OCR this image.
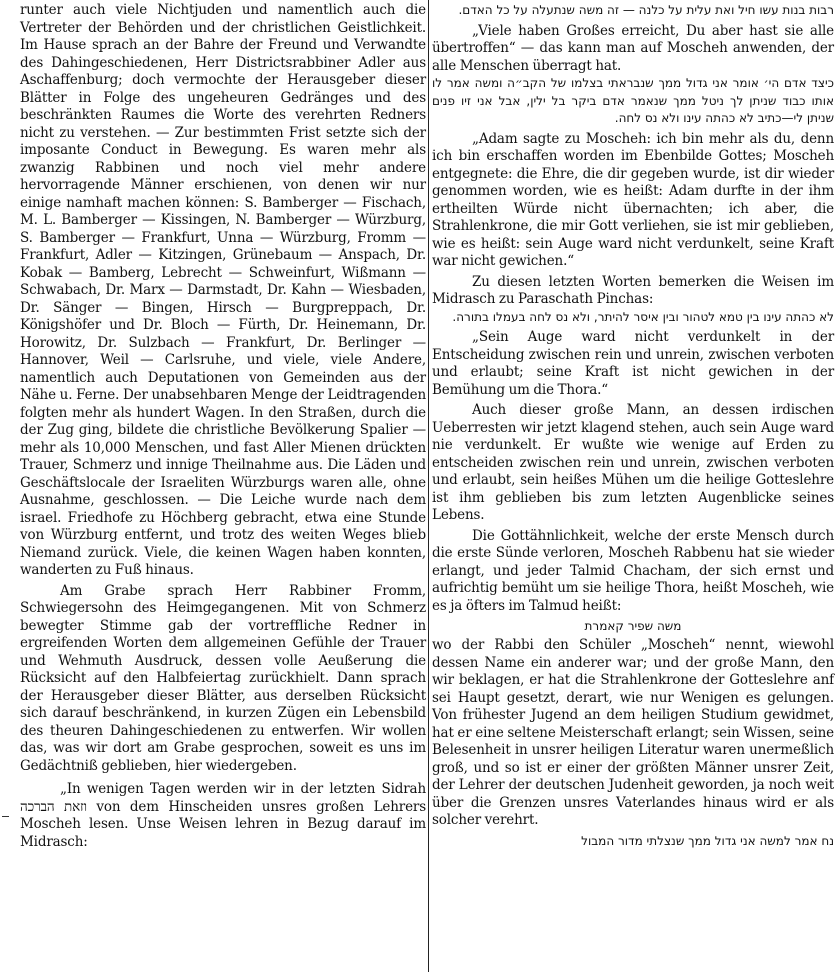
runter auch viele Nichtjuden und namentlich auch die Vertreter der Behörden und der christlichen Geistlichkeit. Im Hause sprach an der Bahre der Freund und Verwandte des Dahingeschiedenen, Herr Districtsrabbiner Adler aus Aschaffenburg; doch vermochte der Herausgeber dieser Blätter in Folge des ungeheuren Gedränges und des beschränkten Raumes die Worte des verehrten Redners nicht zu verstehen. — Zur bestimmten Frist setzte sich der imposante Conduct in Bewegung. Es waren mehr als zwanzig Rabbinen und noch viel mehr andere hervorragende Männer erschienen, von denen wir nur einige namhaft machen können: S. Bamberger — Fischach, M. L. Bamberger — Kissingen, N. Bamberger — Würzburg, S. Bamberger — Frankfurt, Unna — Würzburg, Fromm — Frankfurt, Adler — Kitzingen, Grünebaum — Anspach, Dr. Kobak — Bamberg, Lebrecht — Schweinfurt, Wißmann — Schwabach, Dr. Marx — Darmstadt, Dr. Kahn — Wiesbaden, Dr. Sänger — Bingen, Hirsch — Burgpreppach, Dr. Königshöfer und Dr. Bloch — Fürth, Dr. Heinemann, Dr. Horowitz, Dr. Sulzbach — Frankfurt, Dr. Berlinger — Hannover, Weil — Carlsruhe, und viele, viele Andere, namentlich auch Deputationen von Gemeinden aus der Nähe u. Ferne. Der unabsehbaren Menge der Leidtragenden folgten mehr als hundert Wagen. In den Straßen, durch die der Zug ging, bildete die christliche Bevölkerung Spalier — mehr als 10,000 Menschen, und fast Aller Mienen drückten Trauer, Schmerz und innige Theilnahme aus. Die Läden und Geschäftslocale der Israeliten Würzburgs waren alle, ohne Ausnahme, geschlossen. — Die Leiche wurde nach dem israel. Friedhofe zu Höchberg gebracht, etwa eine Stunde von Würzburg entfernt, und trotz des weiten Weges blieb Niemand zurück. Viele, die keinen Wagen haben konnten, wanderten zu Fuß hinaus.

Am Grabe sprach Herr Rabbiner Fromm, Schwiegersohn des Heimgegangenen. Mit von Schmerz bewegter Stimme gab der vortreffliche Redner in ergreifenden Worten dem allgemeinen Gefühle der Trauer und Wehmuth Ausdruck, dessen volle Aeußerung die Rücksicht auf den Halbfeiertag zurückhielt. Dann sprach der Herausgeber dieser Blätter, aus derselben Rücksicht sich darauf beschränkend, in kurzen Zügen ein Lebensbild des theuren Dahingeschiedenen zu entwerfen. Wir wollen das, was wir dort am Grabe gesprochen, soweit es uns im Gedächtniß geblieben, hier wiedergeben.

„In wenigen Tagen werden wir in der letzten Sidrah וזאת הברכה von dem Hinscheiden unsres großen Lehrers Moscheh lesen. Unse Weisen lehren in Bezug darauf im Midrasch:

רבות בנות עשו חיל ואת עלית על כלנה — זה משה שנתעלה על כל האדם.

„Viele haben Großes erreicht, Du aber hast sie alle übertroffen“ — das kann man auf Moscheh anwenden, der alle Menschen überragt hat.

כיצד אדם הי׳ אומר אני גדול ממך שנבראתי בצלמו של הקב״ה ומשה אמר לו אותו כבוד שניתן לך ניטל ממך שנאמר אדם ביקר בל ילין, אבל אני זיו פנים שניתן לי—כתיב לא כהתה עינו ולא נס לחה.

„Adam sagte zu Moscheh: ich bin mehr als du, denn ich bin erschaffen worden im Ebenbilde Gottes; Moscheh entgegnete: die Ehre, die dir gegeben wurde, ist dir wieder genommen worden, wie es heißt: Adam durfte in der ihm ertheilten Würde nicht übernachten; ich aber, die Strahlenkrone, die mir Gott verliehen, sie ist mir geblieben, wie es heißt: sein Auge ward nicht verdunkelt, seine Kraft war nicht gewichen.“

Zu diesen letzten Worten bemerken die Weisen im Midrasch zu Paraschath Pinchas:

לא כהתה עינו בין טמא לטהור ובין איסר להיתר, ולא נס לחה בעמלו בתורה.

„Sein Auge ward nicht verdunkelt in der Entscheidung zwischen rein und unrein, zwischen verboten und erlaubt; seine Kraft ist nicht gewichen in der Bemühung um die Thora.“

Auch dieser große Mann, an dessen irdischen Ueberresten wir jetzt klagend stehen, auch sein Auge ward nie verdunkelt. Er wußte wie wenige auf Erden zu entscheiden zwischen rein und unrein, zwischen verboten und erlaubt, sein heißes Mühen um die heilige Gotteslehre ist ihm geblieben bis zum letzten Augenblicke seines Lebens.

Die Gottähnlichkeit, welche der erste Mensch durch die erste Sünde verloren, Moscheh Rabbenu hat sie wieder erlangt, und jeder Talmid Chacham, der sich ernst und aufrichtig bemüht um sie heilige Thora, heißt Moscheh, wie es ja öfters im Talmud heißt:

משה שפיר קאמרת

wo der Rabbi den Schüler „Moscheh“ nennt, wiewohl dessen Name ein anderer war; und der große Mann, den wir beklagen, er hat die Strahlenkrone der Gotteslehre anf sei Haupt gesetzt, derart, wie nur Wenigen es gelungen. Von frühester Jugend an dem heiligen Studium gewidmet, hat er eine seltene Meisterschaft erlangt; sein Wissen, seine Belesenheit in unsrer heiligen Literatur waren unermeßlich groß, und so ist er einer der größten Männer unsrer Zeit, der Lehrer der deutschen Judenheit geworden, ja noch weit über die Grenzen unsres Vaterlandes hinaus wird er als solcher verehrt.

נח אמר למשה אני גדול ממך שנצלתי מדור המבול
